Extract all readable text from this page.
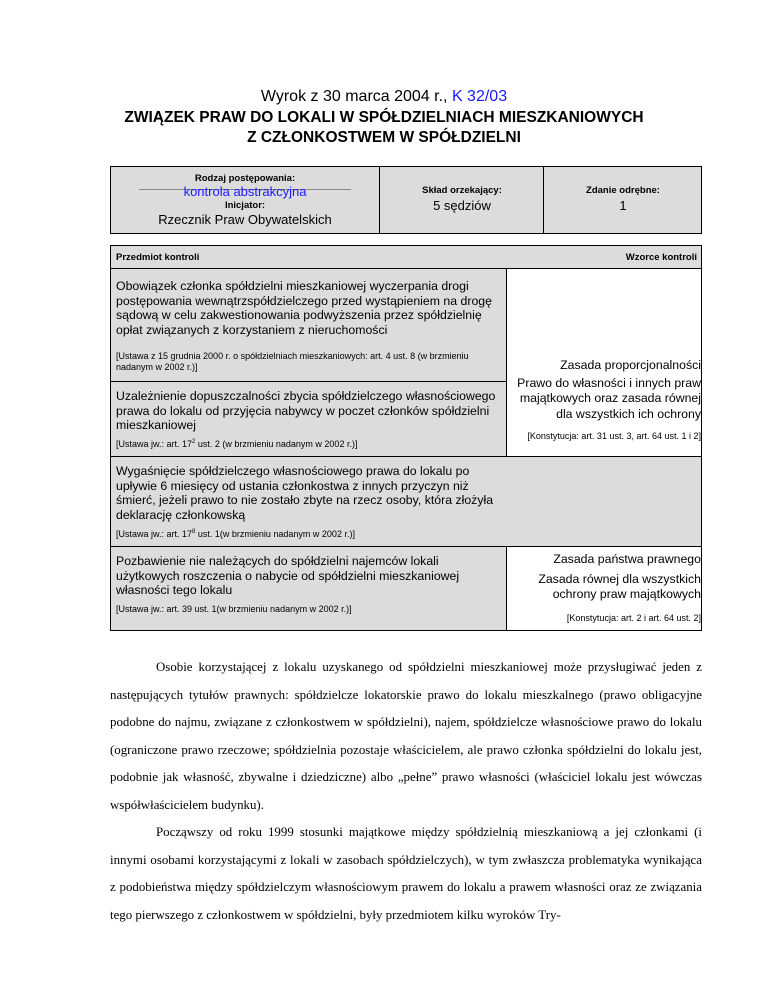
Wyrok z 30 marca 2004 r., K 32/03
ZWIĄZEK PRAW DO LOKALI W SPÓŁDZIELNIACH MIESZKANIOWYCH
Z CZŁONKOSTWEM W SPÓŁDZIELNI
Rodzaj postępowania:
kontrola abstrakcyjna
Inicjator:
Rzecznik Praw Obywatelskich
Skład orzekający:
5 sędziów
Zdanie odrębne:
1
Przedmiot kontroli	Wzorce kontroli
Obowiązek członka spółdzielni mieszkaniowej wyczerpania drogi postępowania wewnątrzspółdzielczego przed wystąpieniem na drogę sądową w celu zakwestionowania podwyższenia przez spółdzielnię opłat związanych z korzystaniem z nieruchomości
[Ustawa z 15 grudnia 2000 r. o spółdzielniach mieszkaniowych: art. 4 ust. 8 (w brzmieniu nadanym w 2002 r.)]
Uzależnienie dopuszczalności zbycia spółdzielczego własnościowego prawa do lokalu od przyjęcia nabywcy w poczet członków spółdzielni mieszkaniowej
[Ustawa jw.: art. $17^2$ ust. 2 (w brzmieniu nadanym w 2002 r.)]
Wygaśnięcie spółdzielczego własnościowego prawa do lokalu po upływie 6 miesięcy od ustania członkostwa z innych przyczyn niż śmierć, jeżeli prawo to nie zostało zbyte na rzecz osoby, która złożyła deklarację członkowską
[Ustawa jw.: art. $17^8$ ust. 1(w brzmieniu nadanym w 2002 r.)]
Pozbawienie nie należących do spółdzielni najemców lokali użytkowych roszczenia o nabycie od spółdzielni mieszkaniowej własności tego lokalu
[Ustawa jw.: art. 39 ust. 1(w brzmieniu nadanym w 2002 r.)]
Zasada proporcjonalności
Prawo do własności i innych praw majątkowych oraz zasada równej dla wszystkich ich ochrony
[Konstytucja: art. 31 ust. 3, art. 64 ust. 1 i 2]
Zasada państwa prawnego
Zasada równej dla wszystkich ochrony praw majątkowych
[Konstytucja: art. 2 i art. 64 ust. 2]

Osobie korzystającej z lokalu uzyskanego od spółdzielni mieszkaniowej może przysługiwać jeden z następujących tytułów prawnych: spółdzielcze lokatorskie prawo do lokalu mieszkalnego (prawo obligacyjne podobne do najmu, związane z członkostwem w spółdzielni), najem, spółdzielcze własnościowe prawo do lokalu (ograniczone prawo rzeczowe; spółdzielnia pozostaje właścicielem, ale prawo członka spółdzielni do lokalu jest, podobnie jak własność, zbywalne i dziedziczne) albo „pełne” prawo własności (właściciel lokalu jest wówczas współwłaścicielem budynku).

Począwszy od roku 1999 stosunki majątkowe między spółdzielnią mieszkaniową a jej członkami (i innymi osobami korzystającymi z lokali w zasobach spółdzielczych), w tym zwłaszcza problematyka wynikająca z podobieństwa między spółdzielczym własnościowym prawem do lokalu a prawem własności oraz ze związania tego pierwszego z członkostwem w spółdzielni, były przedmiotem kilku wyroków Try-
